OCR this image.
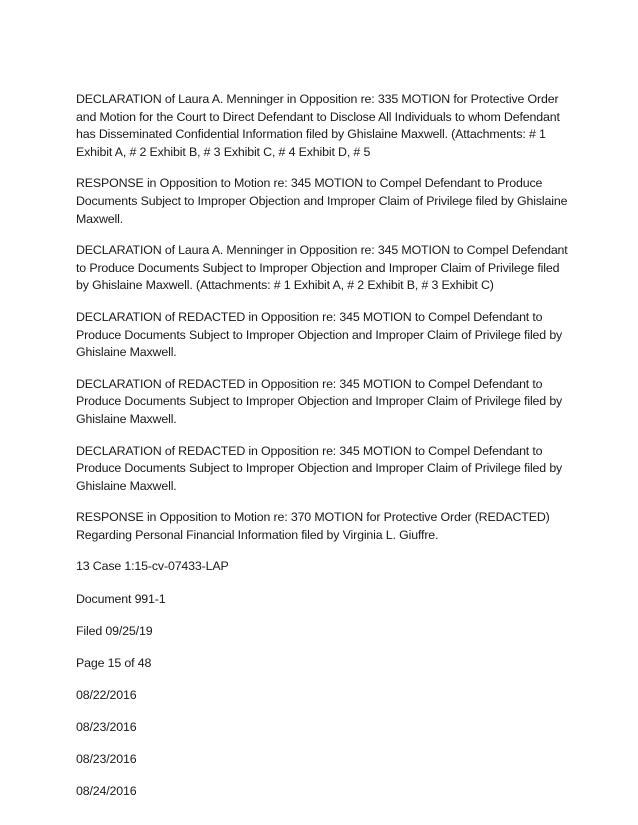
DECLARATION of Laura A. Menninger in Opposition re: 335 MOTION for Protective Order and Motion for the Court to Direct Defendant to Disclose All Individuals to whom Defendant has Disseminated Confidential Information filed by Ghislaine Maxwell. (Attachments: # 1 Exhibit A, # 2 Exhibit B, # 3 Exhibit C, # 4 Exhibit D, # 5

RESPONSE in Opposition to Motion re: 345 MOTION to Compel Defendant to Produce Documents Subject to Improper Objection and Improper Claim of Privilege filed by Ghislaine Maxwell.

DECLARATION of Laura A. Menninger in Opposition re: 345 MOTION to Compel Defendant to Produce Documents Subject to Improper Objection and Improper Claim of Privilege filed by Ghislaine Maxwell. (Attachments: # 1 Exhibit A, # 2 Exhibit B, # 3 Exhibit C)

DECLARATION of REDACTED in Opposition re: 345 MOTION to Compel Defendant to Produce Documents Subject to Improper Objection and Improper Claim of Privilege filed by Ghislaine Maxwell.

DECLARATION of REDACTED in Opposition re: 345 MOTION to Compel Defendant to Produce Documents Subject to Improper Objection and Improper Claim of Privilege filed by Ghislaine Maxwell.

DECLARATION of REDACTED in Opposition re: 345 MOTION to Compel Defendant to Produce Documents Subject to Improper Objection and Improper Claim of Privilege filed by Ghislaine Maxwell.

RESPONSE in Opposition to Motion re: 370 MOTION for Protective Order (REDACTED) Regarding Personal Financial Information filed by Virginia L. Giuffre.

13 Case 1:15-cv-07433-LAP

Document 991-1

Filed 09/25/19

Page 15 of 48

08/22/2016

08/23/2016

08/23/2016

08/24/2016
